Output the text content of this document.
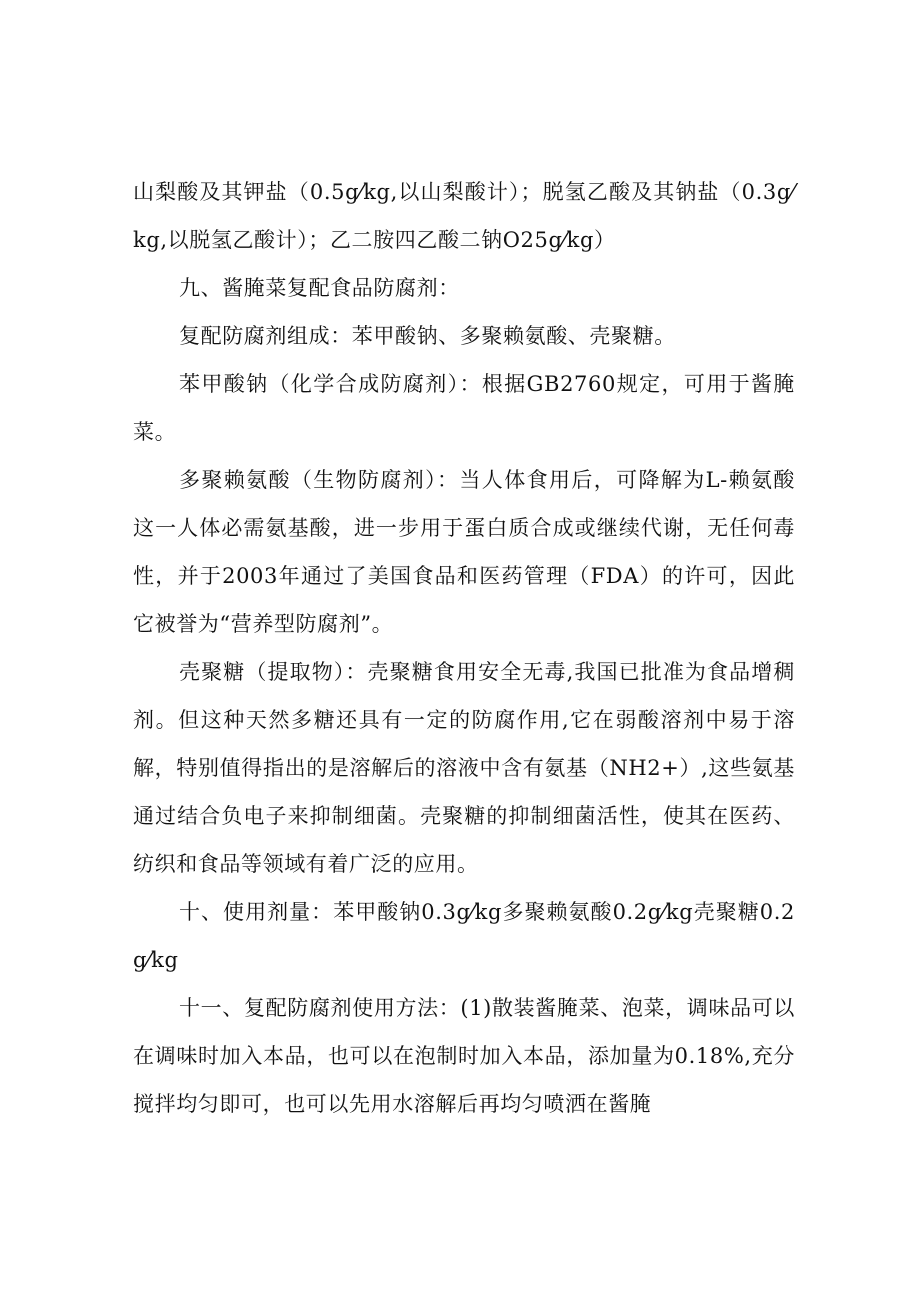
山梨酸及其钾盐（0.5g⁄kg,以山梨酸计）；脱氢乙酸及其钠盐（0.3g⁄kg,以脱氢乙酸计）；乙二胺四乙酸二钠O25g⁄kg）

九、酱腌菜复配食品防腐剂：

复配防腐剂组成：苯甲酸钠、多聚赖氨酸、壳聚糖。

苯甲酸钠（化学合成防腐剂）：根据GB2760规定，可用于酱腌菜。

多聚赖氨酸（生物防腐剂）：当人体食用后，可降解为L-赖氨酸这一人体必需氨基酸，进一步用于蛋白质合成或继续代谢，无任何毒性，并于2003年通过了美国食品和医药管理（FDA）的许可，因此它被誉为“营养型防腐剂”。

壳聚糖（提取物）：壳聚糖食用安全无毒,我国已批准为食品增稠剂。但这种天然多糖还具有一定的防腐作用,它在弱酸溶剂中易于溶解，特别值得指出的是溶解后的溶液中含有氨基（NH2+）,这些氨基通过结合负电子来抑制细菌。壳聚糖的抑制细菌活性，使其在医药、纺织和食品等领域有着广泛的应用。

十、使用剂量：苯甲酸钠0.3g⁄kg多聚赖氨酸0.2g⁄kg壳聚糖0.2g⁄kg

十一、复配防腐剂使用方法：(1)散装酱腌菜、泡菜，调味品可以在调味时加入本品，也可以在泡制时加入本品，添加量为0.18%,充分搅拌均匀即可，也可以先用水溶解后再均匀喷洒在酱腌
